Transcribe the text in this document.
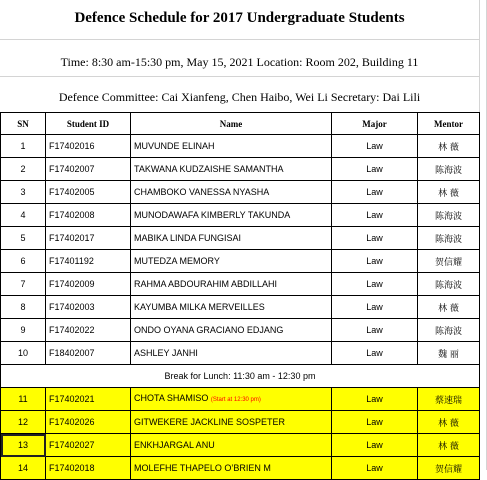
Defence Schedule for 2017 Undergraduate Students
Time: 8:30 am-15:30 pm, May 15, 2021 Location: Room 202, Building 11
Defence Committee: Cai Xianfeng, Chen Haibo, Wei Li Secretary: Dai Lili
SN	Student ID	Name	Major	Mentor
1	F17402016	MUVUNDE ELINAH	Law	林 薇
2	F17402007	TAKWANA KUDZAISHE SAMANTHA	Law	陈海波
3	F17402005	CHAMBOKO VANESSA NYASHA	Law	林 薇
4	F17402008	MUNODAWAFA KIMBERLY TAKUNDA	Law	陈海波
5	F17402017	MABIKA LINDA FUNGISAI	Law	陈海波
6	F17401192	MUTEDZA MEMORY	Law	贺信耀
7	F17402009	RAHMA ABDOURAHIM ABDILLAHI	Law	陈海波
8	F17402003	KAYUMBA MILKA MERVEILLES	Law	林 薇
9	F17402022	ONDO OYANA GRACIANO EDJANG	Law	陈海波
10	F18402007	ASHLEY JANHI	Law	魏 丽
Break for Lunch: 11:30 am - 12:30 pm				
11	F17402021	CHOTA SHAMISO (Start at 12:30 pm)	Law	蔡速瑞
12	F17402026	GITWEKERE JACKLINE SOSPETER	Law	林 薇
13	F17402027	ENKHJARGAL ANU	Law	林 薇
14	F17402018	MOLEFHE THAPELO O’BRIEN M	Law	贺信耀
